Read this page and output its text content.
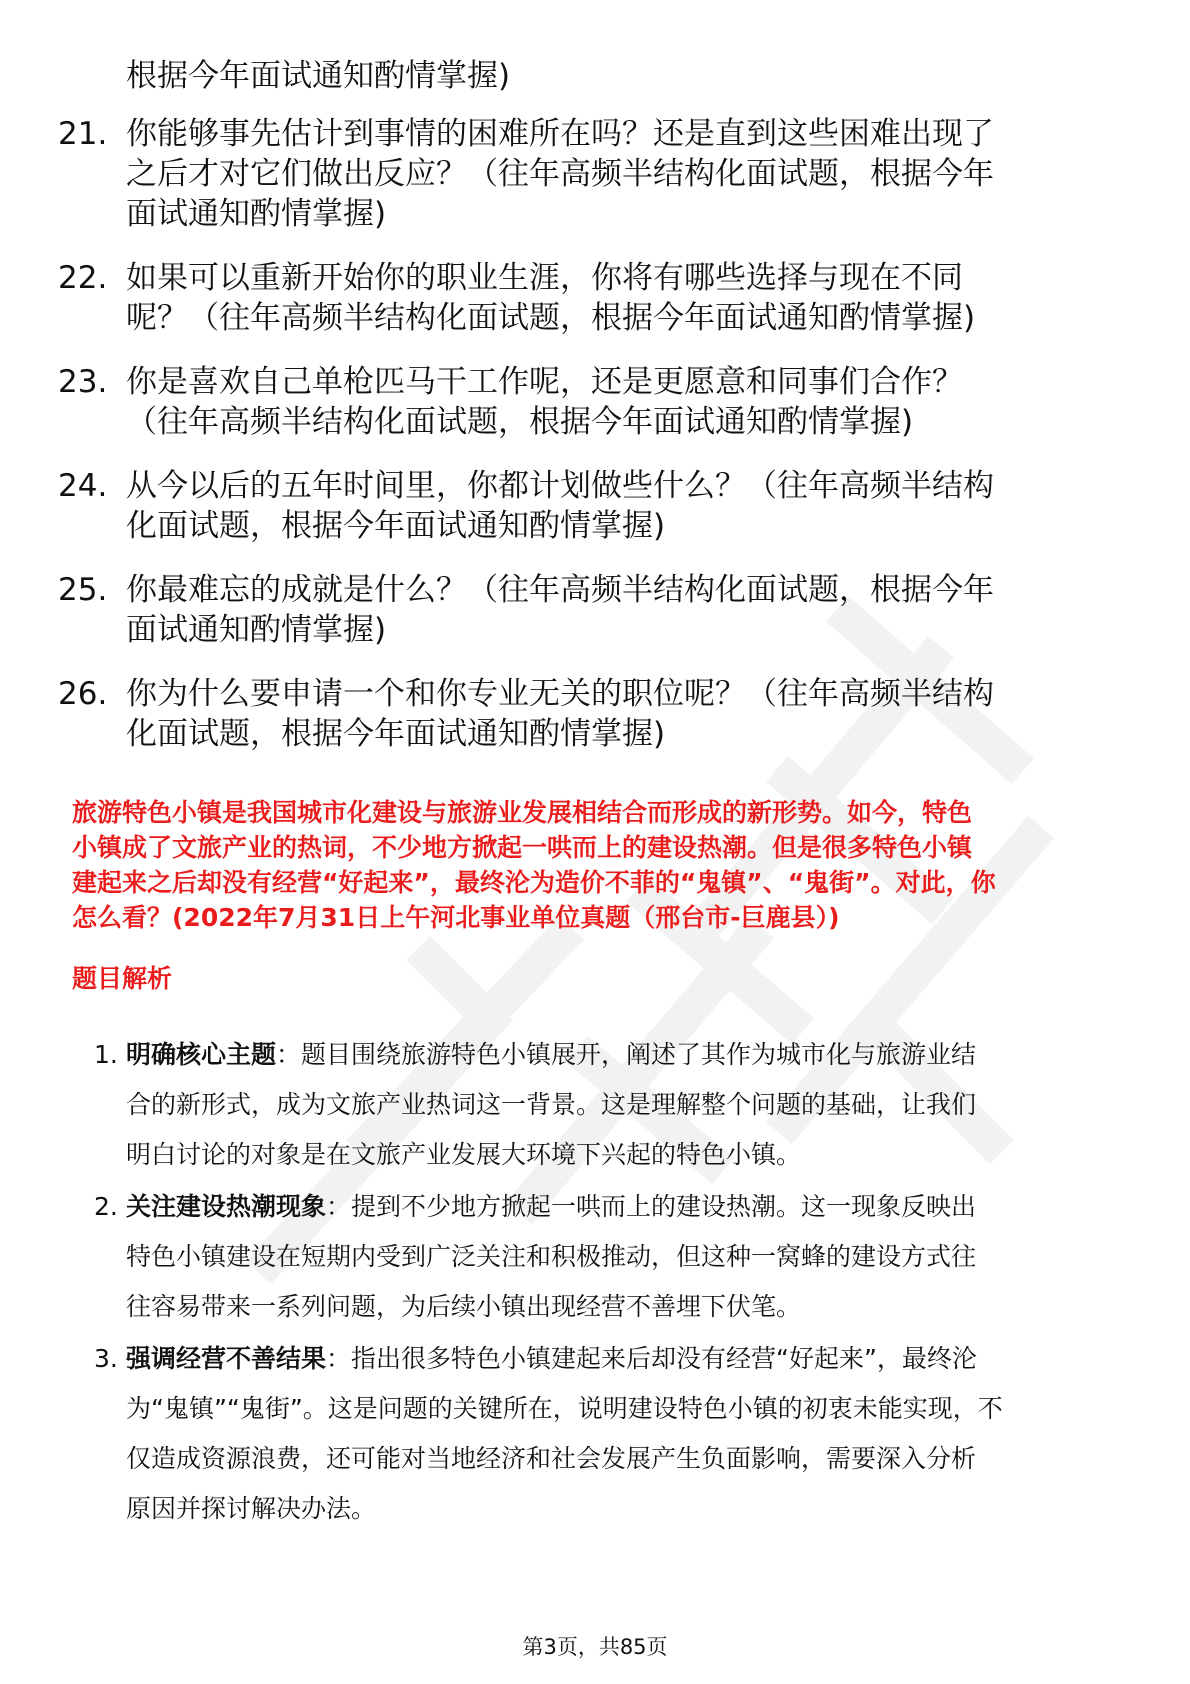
根据今年面试通知酌情掌握)
21. 你能够事先估计到事情的困难所在吗？还是直到这些困难出现了
之后才对它们做出反应？（往年高频半结构化面试题，根据今年
面试通知酌情掌握)
22. 如果可以重新开始你的职业生涯，你将有哪些选择与现在不同
呢？（往年高频半结构化面试题，根据今年面试通知酌情掌握)
23. 你是喜欢自己单枪匹马干工作呢，还是更愿意和同事们合作？
（往年高频半结构化面试题，根据今年面试通知酌情掌握)
24. 从今以后的五年时间里，你都计划做些什么？（往年高频半结构
化面试题，根据今年面试通知酌情掌握)
25. 你最难忘的成就是什么？（往年高频半结构化面试题，根据今年
面试通知酌情掌握)
26. 你为什么要申请一个和你专业无关的职位呢？（往年高频半结构
化面试题，根据今年面试通知酌情掌握)
旅游特色小镇是我国城市化建设与旅游业发展相结合而形成的新形势。如今，特色
小镇成了文旅产业的热词，不少地方掀起一哄而上的建设热潮。但是很多特色小镇
建起来之后却没有经营“好起来”，最终沦为造价不菲的“鬼镇”、“鬼街”。对此，你
怎么看？(2022年7月31日上午河北事业单位真题（邢台市-巨鹿县）)
题目解析
1. 明确核心主题：题目围绕旅游特色小镇展开，阐述了其作为城市化与旅游业结
合的新形式，成为文旅产业热词这一背景。这是理解整个问题的基础，让我们
明白讨论的对象是在文旅产业发展大环境下兴起的特色小镇。
2. 关注建设热潮现象：提到不少地方掀起一哄而上的建设热潮。这一现象反映出
特色小镇建设在短期内受到广泛关注和积极推动，但这种一窝蜂的建设方式往
往容易带来一系列问题，为后续小镇出现经营不善埋下伏笔。
3. 强调经营不善结果：指出很多特色小镇建起来后却没有经营“好起来”，最终沦
为“鬼镇”“鬼街”。这是问题的关键所在，说明建设特色小镇的初衷未能实现，不
仅造成资源浪费，还可能对当地经济和社会发展产生负面影响，需要深入分析
原因并探讨解决办法。
第3页，共85页
